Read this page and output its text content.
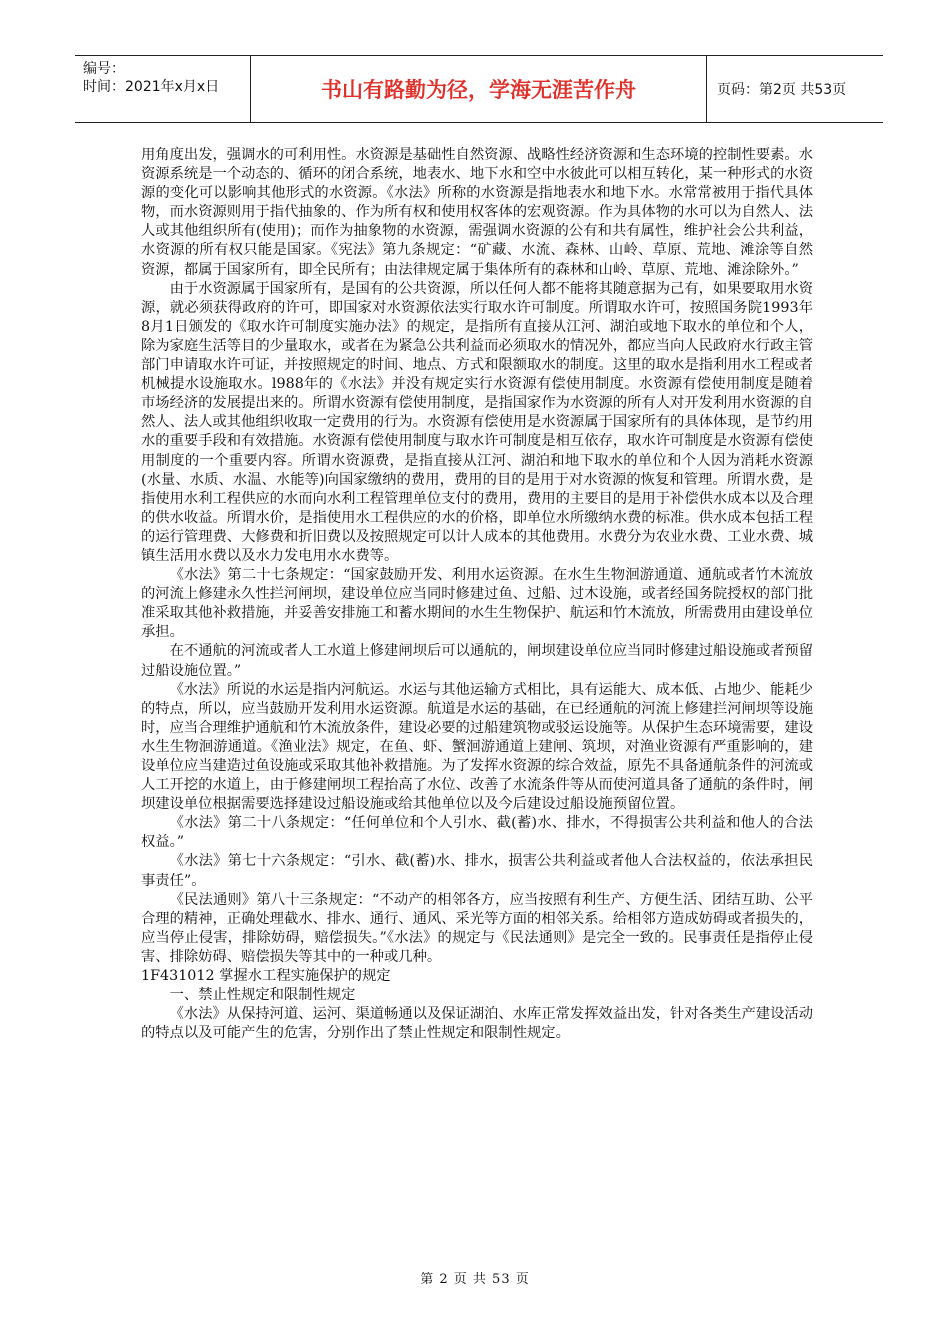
编号：
时间：2021年x月x日	书山有路勤为径，学海无涯苦作舟	页码：第2页 共53页

用角度出发，强调水的可利用性。水资源是基础性自然资源、战略性经济资源和生态环境的控制性要素。水资源系统是一个动态的、循环的闭合系统，地表水、地下水和空中水彼此可以相互转化，某一种形式的水资源的变化可以影响其他形式的水资源。《水法》所称的水资源是指地表水和地下水。水常常被用于指代具体物，而水资源则用于指代抽象的、作为所有权和使用权客体的宏观资源。作为具体物的水可以为自然人、法人或其他组织所有(使用)；而作为抽象物的水资源，需强调水资源的公有和共有属性，维护社会公共利益，水资源的所有权只能是国家。《宪法》第九条规定：“矿藏、水流、森林、山岭、草原、荒地、滩涂等自然资源，都属于国家所有，即全民所有；由法律规定属于集体所有的森林和山岭、草原、荒地、滩涂除外。”

由于水资源属于国家所有，是国有的公共资源，所以任何人都不能将其随意据为己有，如果要取用水资源，就必须获得政府的许可，即国家对水资源依法实行取水许可制度。所谓取水许可，按照国务院1993年8月1日颁发的《取水许可制度实施办法》的规定，是指所有直接从江河、湖泊或地下取水的单位和个人，除为家庭生活等目的少量取水，或者在为紧急公共利益而必须取水的情况外，都应当向人民政府水行政主管部门申请取水许可证，并按照规定的时间、地点、方式和限额取水的制度。这里的取水是指利用水工程或者机械提水设施取水。l988年的《水法》并没有规定实行水资源有偿使用制度。水资源有偿使用制度是随着市场经济的发展提出来的。所谓水资源有偿使用制度，是指国家作为水资源的所有人对开发利用水资源的自然人、法人或其他组织收取一定费用的行为。水资源有偿使用是水资源属于国家所有的具体体现，是节约用水的重要手段和有效措施。水资源有偿使用制度与取水许可制度是相互依存，取水许可制度是水资源有偿使用制度的一个重要内容。所谓水资源费，是指直接从江河、湖泊和地下取水的单位和个人因为消耗水资源(水量、水质、水温、水能等)向国家缴纳的费用，费用的目的是用于对水资源的恢复和管理。所谓水费，是指使用水利工程供应的水而向水利工程管理单位支付的费用，费用的主要目的是用于补偿供水成本以及合理的供水收益。所谓水价，是指使用水工程供应的水的价格，即单位水所缴纳水费的标准。供水成本包括工程的运行管理费、大修费和折旧费以及按照规定可以计人成本的其他费用。水费分为农业水费、工业水费、城镇生活用水费以及水力发电用水水费等。

《水法》第二十七条规定：“国家鼓励开发、利用水运资源。在水生生物洄游通道、通航或者竹木流放的河流上修建永久性拦河闸坝，建设单位应当同时修建过鱼、过船、过木设施，或者经国务院授权的部门批准采取其他补救措施，并妥善安排施工和蓄水期间的水生生物保护、航运和竹木流放，所需费用由建设单位承担。

在不通航的河流或者人工水道上修建闸坝后可以通航的，闸坝建设单位应当同时修建过船设施或者预留过船设施位置。”

《水法》所说的水运是指内河航运。水运与其他运输方式相比，具有运能大、成本低、占地少、能耗少的特点，所以，应当鼓励开发利用水运资源。航道是水运的基础，在已经通航的河流上修建拦河闸坝等设施时，应当合理维护通航和竹木流放条件，建设必要的过船建筑物或驳运设施等。从保护生态环境需要，建设水生生物洄游通道。《渔业法》规定，在鱼、虾、蟹洄游通道上建闸、筑坝，对渔业资源有严重影响的，建设单位应当建造过鱼设施或采取其他补救措施。为了发挥水资源的综合效益，原先不具备通航条件的河流或人工开挖的水道上，由于修建闸坝工程抬高了水位、改善了水流条件等从而使河道具备了通航的条件时，闸坝建设单位根据需要选择建设过船设施或给其他单位以及今后建设过船设施预留位置。

《水法》第二十八条规定：“任何单位和个人引水、截(蓄)水、排水，不得损害公共利益和他人的合法权益。”

《水法》第七十六条规定：“引水、截(蓄)水、排水，损害公共利益或者他人合法权益的，依法承担民事责任”。

《民法通则》第八十三条规定：“不动产的相邻各方，应当按照有利生产、方便生活、团结互助、公平合理的精神，正确处理截水、排水、通行、通风、采光等方面的相邻关系。给相邻方造成妨碍或者损失的，应当停止侵害，排除妨碍，赔偿损失。”《水法》的规定与《民法通则》是完全一致的。民事责任是指停止侵害、排除妨碍、赔偿损失等其中的一种或几种。

1F431012 掌握水工程实施保护的规定

一、禁止性规定和限制性规定

《水法》从保持河道、运河、渠道畅通以及保证湖泊、水库正常发挥效益出发，针对各类生产建设活动的特点以及可能产生的危害，分别作出了禁止性规定和限制性规定。

第 2 页 共 53 页
